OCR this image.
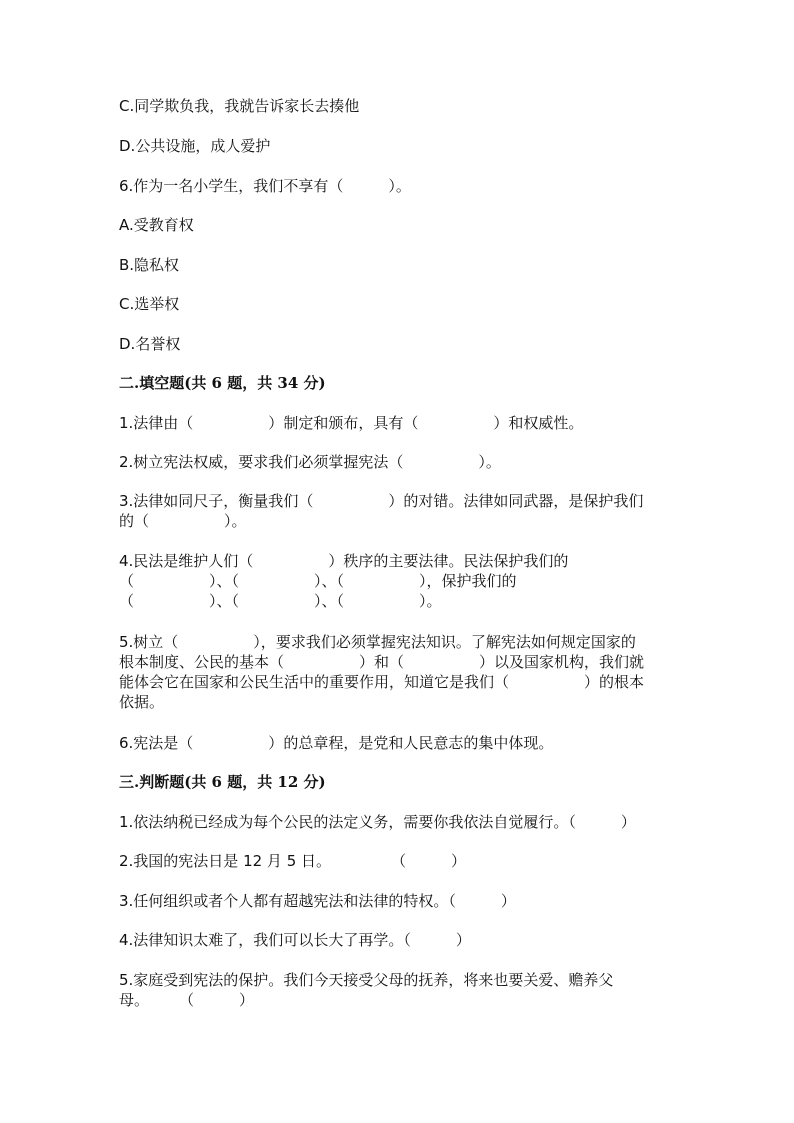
C.同学欺负我，我就告诉家长去揍他
D.公共设施，成人爱护
6.作为一名小学生，我们不享有（　　　）。
A.受教育权
B.隐私权
C.选举权
D.名誉权
二.填空题(共 6 题，共 34 分)
1.法律由（　　　　　）制定和颁布，具有（　　　　　）和权威性。
2.树立宪法权威，要求我们必须掌握宪法（　　　　　）。
3.法律如同尺子，衡量我们（　　　　　）的对错。法律如同武器，是保护我们
的（　　　　　）。
4.民法是维护人们（　　　　　）秩序的主要法律。民法保护我们的
（　　　　　）、（　　　　　）、（　　　　　），保护我们的
（　　　　　）、（　　　　　）、（　　　　　）。
5.树立（　　　　　），要求我们必须掌握宪法知识。了解宪法如何规定国家的
根本制度、公民的基本（　　　　　）和（　　　　　）以及国家机构，我们就
能体会它在国家和公民生活中的重要作用，知道它是我们（　　　　　）的根本
依据。
6.宪法是（　　　　　）的总章程，是党和人民意志的集中体现。
三.判断题(共 6 题，共 12 分)
1.依法纳税已经成为每个公民的法定义务，需要你我依法自觉履行。（　　　）
2.我国的宪法日是 12 月 5 日。　　　　　（　　　）
3.任何组织或者个人都有超越宪法和法律的特权。（　　　）
4.法律知识太难了，我们可以长大了再学。（　　　）
5.家庭受到宪法的保护。我们今天接受父母的抚养，将来也要关爱、赡养父
母。　　　（　　　）
